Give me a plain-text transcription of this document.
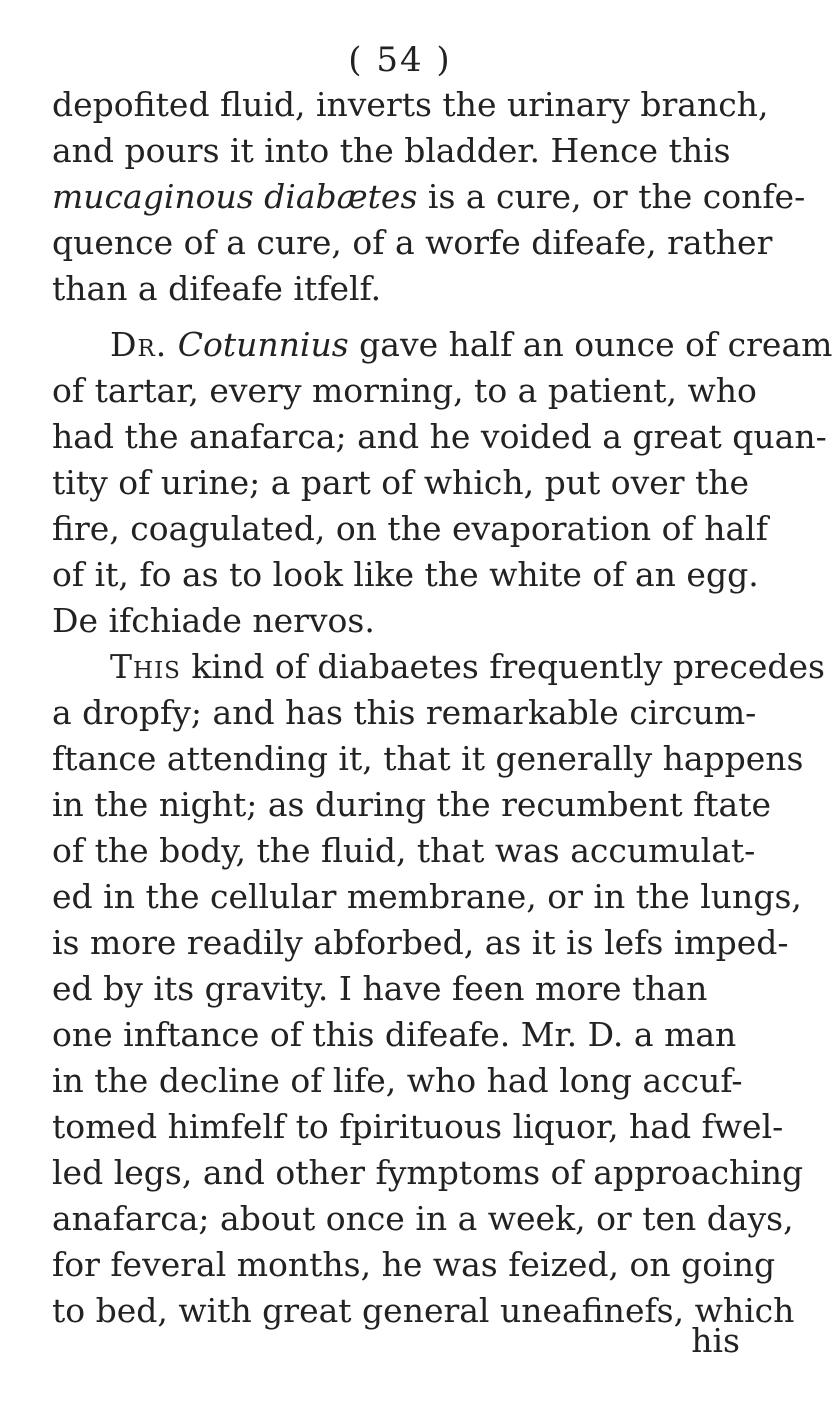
( 54 )
depofited fluid, inverts the urinary branch,
and pours it into the bladder. Hence this
mucaginous diabætes is a cure, or the confe-
quence of a cure, of a worfe difeafe, rather
than a difeafe itfelf.
Dr. Cotunnius gave half an ounce of cream
of tartar, every morning, to a patient, who
had the anafarca; and he voided a great quan-
tity of urine; a part of which, put over the
fire, coagulated, on the evaporation of half
of it, fo as to look like the white of an egg.
De ifchiade nervos.
This kind of diabaetes frequently precedes
a dropfy; and has this remarkable circum-
ftance attending it, that it generally happens
in the night; as during the recumbent ftate
of the body, the fluid, that was accumulat-
ed in the cellular membrane, or in the lungs,
is more readily abforbed, as it is lefs imped-
ed by its gravity. I have feen more than
one inftance of this difeafe. Mr. D. a man
in the decline of life, who had long accuf-
tomed himfelf to fpirituous liquor, had fwel-
led legs, and other fymptoms of approaching
anafarca; about once in a week, or ten days,
for feveral months, he was feized, on going
to bed, with great general uneafinefs, which
his
